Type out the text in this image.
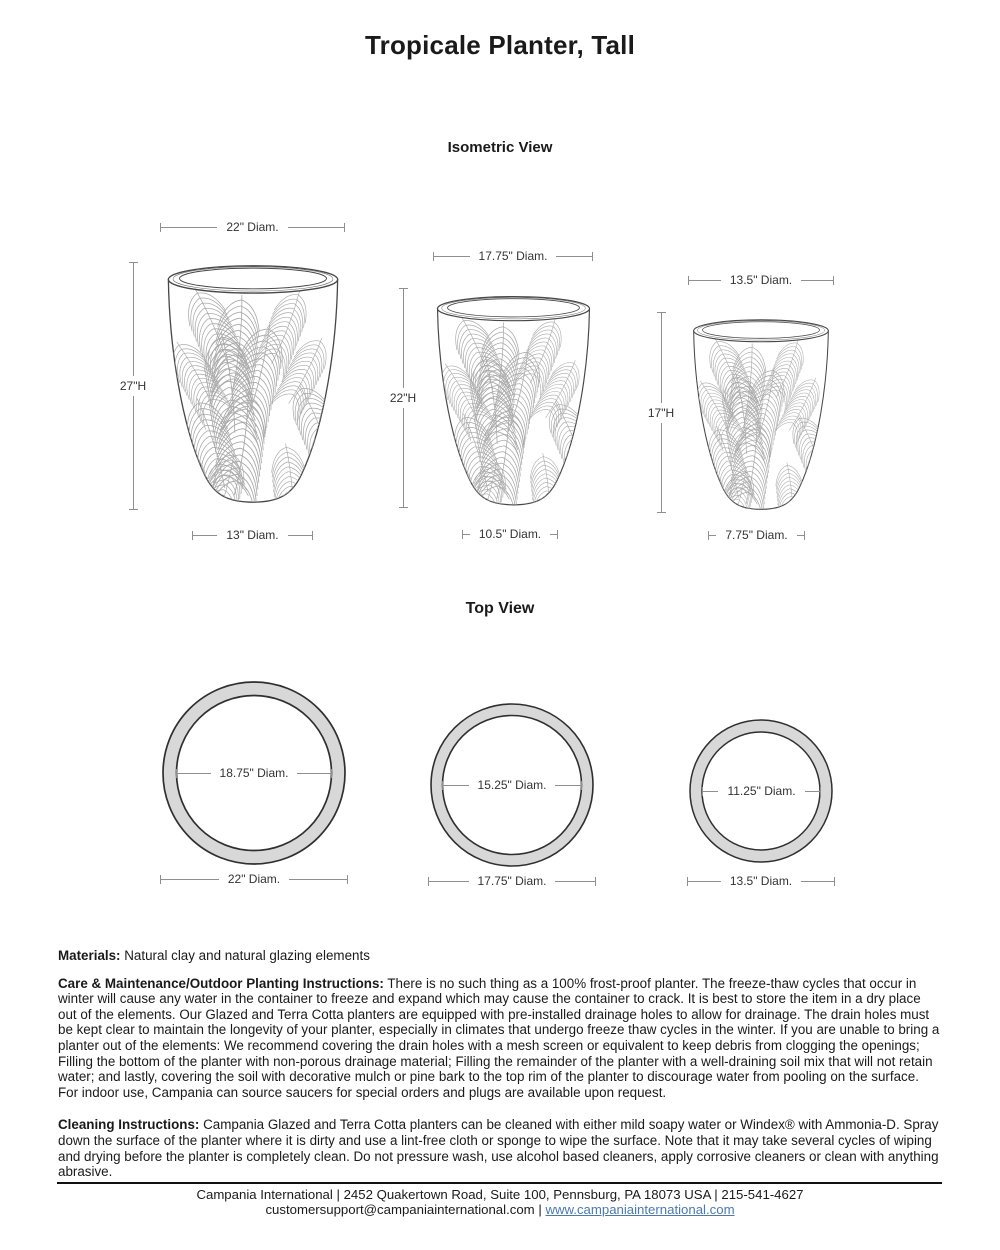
Tropicale Planter, Tall
Isometric View
22" Diam.
27"H
13" Diam.
17.75" Diam.
22"H
10.5" Diam.
13.5" Diam.
17"H
7.75" Diam.
Top View
18.75" Diam.
22" Diam.
15.25" Diam.
17.75" Diam.
11.25" Diam.
13.5" Diam.

Materials: Natural clay and natural glazing elements

Care & Maintenance/Outdoor Planting Instructions: There is no such thing as a 100% frost-proof planter. The freeze-thaw cycles that occur in winter will cause any water in the container to freeze and expand which may cause the container to crack. It is best to store the item in a dry place out of the elements. Our Glazed and Terra Cotta planters are equipped with pre-installed drainage holes to allow for drainage. The drain holes must be kept clear to maintain the longevity of your planter, especially in climates that undergo freeze thaw cycles in the winter. If you are unable to bring a planter out of the elements: We recommend covering the drain holes with a mesh screen or equivalent to keep debris from clogging the openings; Filling the bottom of the planter with non-porous drainage material; Filling the remainder of the planter with a well-draining soil mix that will not retain water; and lastly, covering the soil with decorative mulch or pine bark to the top rim of the planter to discourage water from pooling on the surface. For indoor use, Campania can source saucers for special orders and plugs are available upon request.

Cleaning Instructions: Campania Glazed and Terra Cotta planters can be cleaned with either mild soapy water or Windex® with Ammonia-D. Spray down the surface of the planter where it is dirty and use a lint-free cloth or sponge to wipe the surface. Note that it may take several cycles of wiping and drying before the planter is completely clean. Do not pressure wash, use alcohol based cleaners, apply corrosive cleaners or clean with anything abrasive.

Campania International | 2452 Quakertown Road, Suite 100, Pennsburg, PA 18073 USA | 215-541-4627
customersupport@campaniainternational.com | www.campaniainternational.com
